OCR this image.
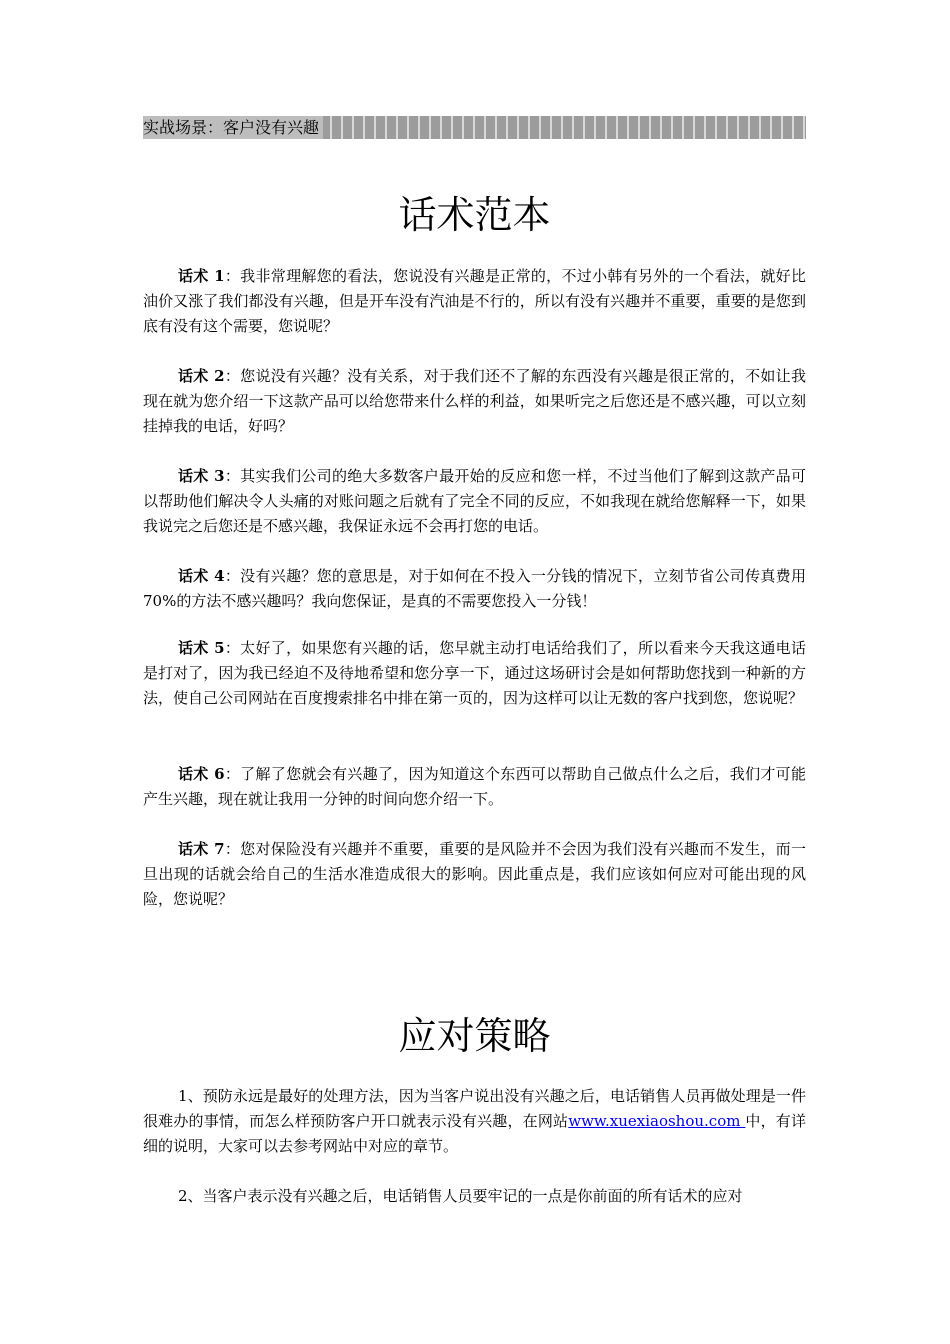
实战场景：客户没有兴趣
话术范本

话术 1：我非常理解您的看法，您说没有兴趣是正常的，不过小韩有另外的一个看法，就好比油价又涨了我们都没有兴趣，但是开车没有汽油是不行的，所以有没有兴趣并不重要，重要的是您到底有没有这个需要，您说呢？

话术 2：您说没有兴趣？没有关系，对于我们还不了解的东西没有兴趣是很正常的，不如让我现在就为您介绍一下这款产品可以给您带来什么样的利益，如果听完之后您还是不感兴趣，可以立刻挂掉我的电话，好吗？

话术 3：其实我们公司的绝大多数客户最开始的反应和您一样，不过当他们了解到这款产品可以帮助他们解决令人头痛的对账问题之后就有了完全不同的反应，不如我现在就给您解释一下，如果我说完之后您还是不感兴趣，我保证永远不会再打您的电话。

话术 4：没有兴趣？您的意思是，对于如何在不投入一分钱的情况下，立刻节省公司传真费用 70%的方法不感兴趣吗？我向您保证，是真的不需要您投入一分钱！

话术 5：太好了，如果您有兴趣的话，您早就主动打电话给我们了，所以看来今天我这通电话是打对了，因为我已经迫不及待地希望和您分享一下，通过这场研讨会是如何帮助您找到一种新的方法，使自己公司网站在百度搜索排名中排在第一页的，因为这样可以让无数的客户找到您，您说呢？

话术 6：了解了您就会有兴趣了，因为知道这个东西可以帮助自己做点什么之后，我们才可能产生兴趣，现在就让我用一分钟的时间向您介绍一下。

话术 7：您对保险没有兴趣并不重要，重要的是风险并不会因为我们没有兴趣而不发生，而一旦出现的话就会给自己的生活水准造成很大的影响。因此重点是，我们应该如何应对可能出现的风险，您说呢？

应对策略

1、预防永远是最好的处理方法，因为当客户说出没有兴趣之后，电话销售人员再做处理是一件很难办的事情，而怎么样预防客户开口就表示没有兴趣，在网站www.xuexiaoshou.com 中，有详细的说明，大家可以去参考网站中对应的章节。

2、当客户表示没有兴趣之后，电话销售人员要牢记的一点是你前面的所有话术的应对
